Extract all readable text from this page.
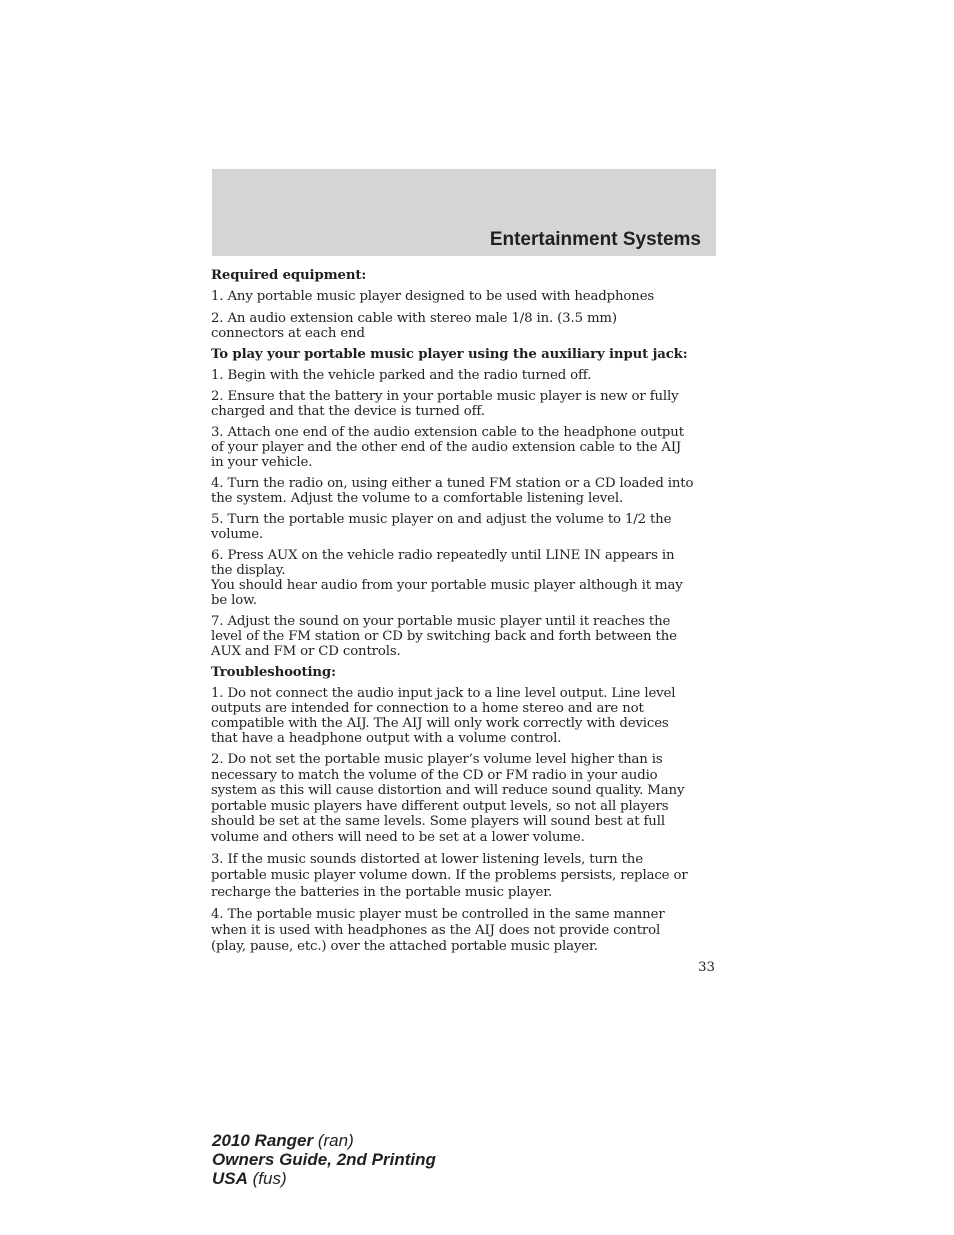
Entertainment Systems

Required equipment:

1. Any portable music player designed to be used with headphones

2. An audio extension cable with stereo male 1/8 in. (3.5 mm)
connectors at each end

To play your portable music player using the auxiliary input jack:

1. Begin with the vehicle parked and the radio turned off.

2. Ensure that the battery in your portable music player is new or fully
charged and that the device is turned off.

3. Attach one end of the audio extension cable to the headphone output
of your player and the other end of the audio extension cable to the AIJ
in your vehicle.

4. Turn the radio on, using either a tuned FM station or a CD loaded into
the system. Adjust the volume to a comfortable listening level.

5. Turn the portable music player on and adjust the volume to 1/2 the
volume.

6. Press AUX on the vehicle radio repeatedly until LINE IN appears in
the display.
You should hear audio from your portable music player although it may
be low.

7. Adjust the sound on your portable music player until it reaches the
level of the FM station or CD by switching back and forth between the
AUX and FM or CD controls.

Troubleshooting:

1. Do not connect the audio input jack to a line level output. Line level
outputs are intended for connection to a home stereo and are not
compatible with the AIJ. The AIJ will only work correctly with devices
that have a headphone output with a volume control.

2. Do not set the portable music player’s volume level higher than is
necessary to match the volume of the CD or FM radio in your audio
system as this will cause distortion and will reduce sound quality. Many
portable music players have different output levels, so not all players
should be set at the same levels. Some players will sound best at full
volume and others will need to be set at a lower volume.

3. If the music sounds distorted at lower listening levels, turn the
portable music player volume down. If the problems persists, replace or
recharge the batteries in the portable music player.

4. The portable music player must be controlled in the same manner
when it is used with headphones as the AIJ does not provide control
(play, pause, etc.) over the attached portable music player.

33
2010 Ranger (ran)
Owners Guide, 2nd Printing
USA (fus)
